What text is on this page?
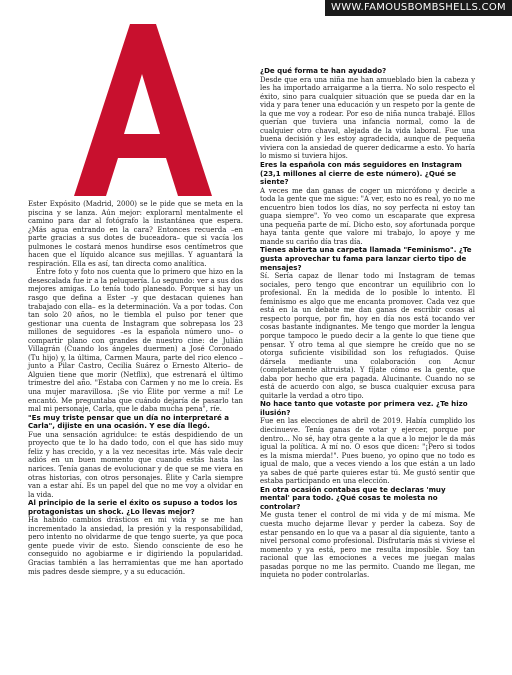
WWW.FAMOUSBOMBSHELLS.COM

Ester Expósito (Madrid, 2000) se le pide que se meta en la piscina y se lanza. Aún mejor: explorarnl mentalmente el camino para dar al fotógrafo la instantánea que espera. ¿Más agua entrando en la cara? Entonces recuerda –en parte gracias a sus dotes de buceadora– que si vacía los pulmones le costará menos hundirse esos centímetros que hacen que el líquido alcance sus mejillas. Y aguantará la respiración. Ella es así, tan directa como analítica.

Entre foto y foto nos cuenta que lo primero que hizo en la desescalada fue ir a la peluquería. Lo segundo: ver a sus dos mejores amigas. Lo tenía todo planeado. Porque si hay un rasgo que defina a Ester –y que destacan quienes han trabajado con ella– es la determinación. Va a por todas. Con tan solo 20 años, no le tiembla el pulso por tener que gestionar una cuenta de Instagram que sobrepasa los 23 millones de seguidores –es la española número uno– o compartir plano con grandes de nuestro cine: de Julián Villagrán (Cuando los ángeles duermen) a José Coronado (Tu hijo) y, la última, Carmen Maura, parte del rico elenco –junto a Pilar Castro, Cecilia Suárez o Ernesto Alterio– de Alguien tiene que morir (Netflix), que estrenará el último trimestre del año. "Estaba con Carmen y no me lo creía. Es una mujer maravillosa. ¡Se vio Élite por verme a mí! Le encantó. Me preguntaba que cuándo dejaría de pasarlo tan mal mi personaje, Carla, que le daba mucha pena", ríe.

"Es muy triste pensar que un día no interpretaré a Carla", dijiste en una ocasión. Y ese día llegó.

Fue una sensación agridulce: te estás despidiendo de un proyecto que te lo ha dado todo, con el que has sido muy feliz y has crecido, y a la vez necesitas irte. Más vale decir adiós en un buen momento que cuando estás hasta las narices. Tenía ganas de evolucionar y de que se me viera en otras historias, con otros personajes. Élite y Carla siempre van a estar ahí. Es un papel del que no me voy a olvidar en la vida.

Al principio de la serie el éxito os supuso a todos los protagonistas un shock. ¿Lo llevas mejor?

Ha habido cambios drásticos en mi vida y se me han incrementado la ansiedad, la presión y la responsabilidad, pero intento no olvidarme de que tengo suerte, ya que poca gente puede vivir de esto. Siendo consciente de eso he conseguido no agobiarme e ir digiriendo la popularidad. Gracias también a las herramientas que me han aportado mis padres desde siempre, y a su educación.

¿De qué forma te han ayudado?

Desde que era una niña me han amueblado bien la cabeza y les ha importado arraigarme a la tierra. No solo respecto el éxito, sino para cualquier situación que se pueda dar en la vida y para tener una educación y un respeto por la gente de la que me voy a rodear. Por eso de niña nunca trabajé. Ellos querían que tuviera una infancia normal, como la de cualquier otro chaval, alejada de la vida laboral. Fue una buena decisión y les estoy agradecida, aunque de pequeña viviera con la ansiedad de querer dedicarme a esto. Yo haría lo mismo si tuviera hijos.

Eres la española con más seguidores en Instagram (23,1 millones al cierre de este número). ¿Qué se siente?

A veces me dan ganas de coger un micrófono y decirle a toda la gente que me sigue: "A ver, esto no es real, yo no me encuentro bien todos los días, no soy perfecta ni estoy tan guapa siempre". Yo veo como un escaparate que expresa una pequeña parte de mí. Dicho esto, soy afortunada porque haya tanta gente que valore mi trabajo, lo apoye y me mande su cariño día tras día.

Tienes abierta una carpeta llamada "Feminismo". ¿Te gusta aprovechar tu fama para lanzar cierto tipo de mensajes?

Sí. Sería capaz de llenar todo mi Instagram de temas sociales, pero tengo que encontrar un equilibrio con lo profesional. En la medida de lo posible lo intento. El feminismo es algo que me encanta promover. Cada vez que está en la un debate me dan ganas de escribir cosas al respecto porque, por fin, hoy en día nos está tocando ver cosas bastante indignantes. Me tengo que morder la lengua porque tampoco le puedo decir a la gente lo que tiene que pensar. Y otro tema al que siempre he creído que no se otorga suficiente visibilidad son los refugiados. Quise dársela mediante una colaboración con Acnur (completamente altruista). Y fíjate cómo es la gente, que daba por hecho que era pagada. Alucinante. Cuando no se está de acuerdo con algo, se busca cualquier excusa para quitarle la verdad a otro tipo.

No hace tanto que votaste por primera vez. ¿Te hizo ilusión?

Fue en las elecciones de abril de 2019. Había cumplido los diecinueve. Tenía ganas de votar y ejercer, porque por dentro... No sé, hay otra gente a la que a lo mejor le da más igual la política. A mí no. O esos que dicen: "¡Pero si todos es la misma mierda!". Pues bueno, yo opino que no todo es igual de malo, que a veces viendo a los que están a un lado ya sabes de qué parte quieres estar tú. Me gustó sentir que estaba participando en una elección.

En otra ocasión contabas que te declaras 'muy mental' para todo. ¿Qué cosas te molesta no controlar?

Me gusta tener el control de mi vida y de mí misma. Me cuesta mucho dejarme llevar y perder la cabeza. Soy de estar pensando en lo que va a pasar al día siguiente, tanto a nivel personal como profesional. Disfrutaría más si viviese el momento y ya está, pero me resulta imposible. Soy tan racional que las emociones a veces me juegan malas pasadas porque no me las permito. Cuando me llegan, me inquieta no poder controlarlas.
